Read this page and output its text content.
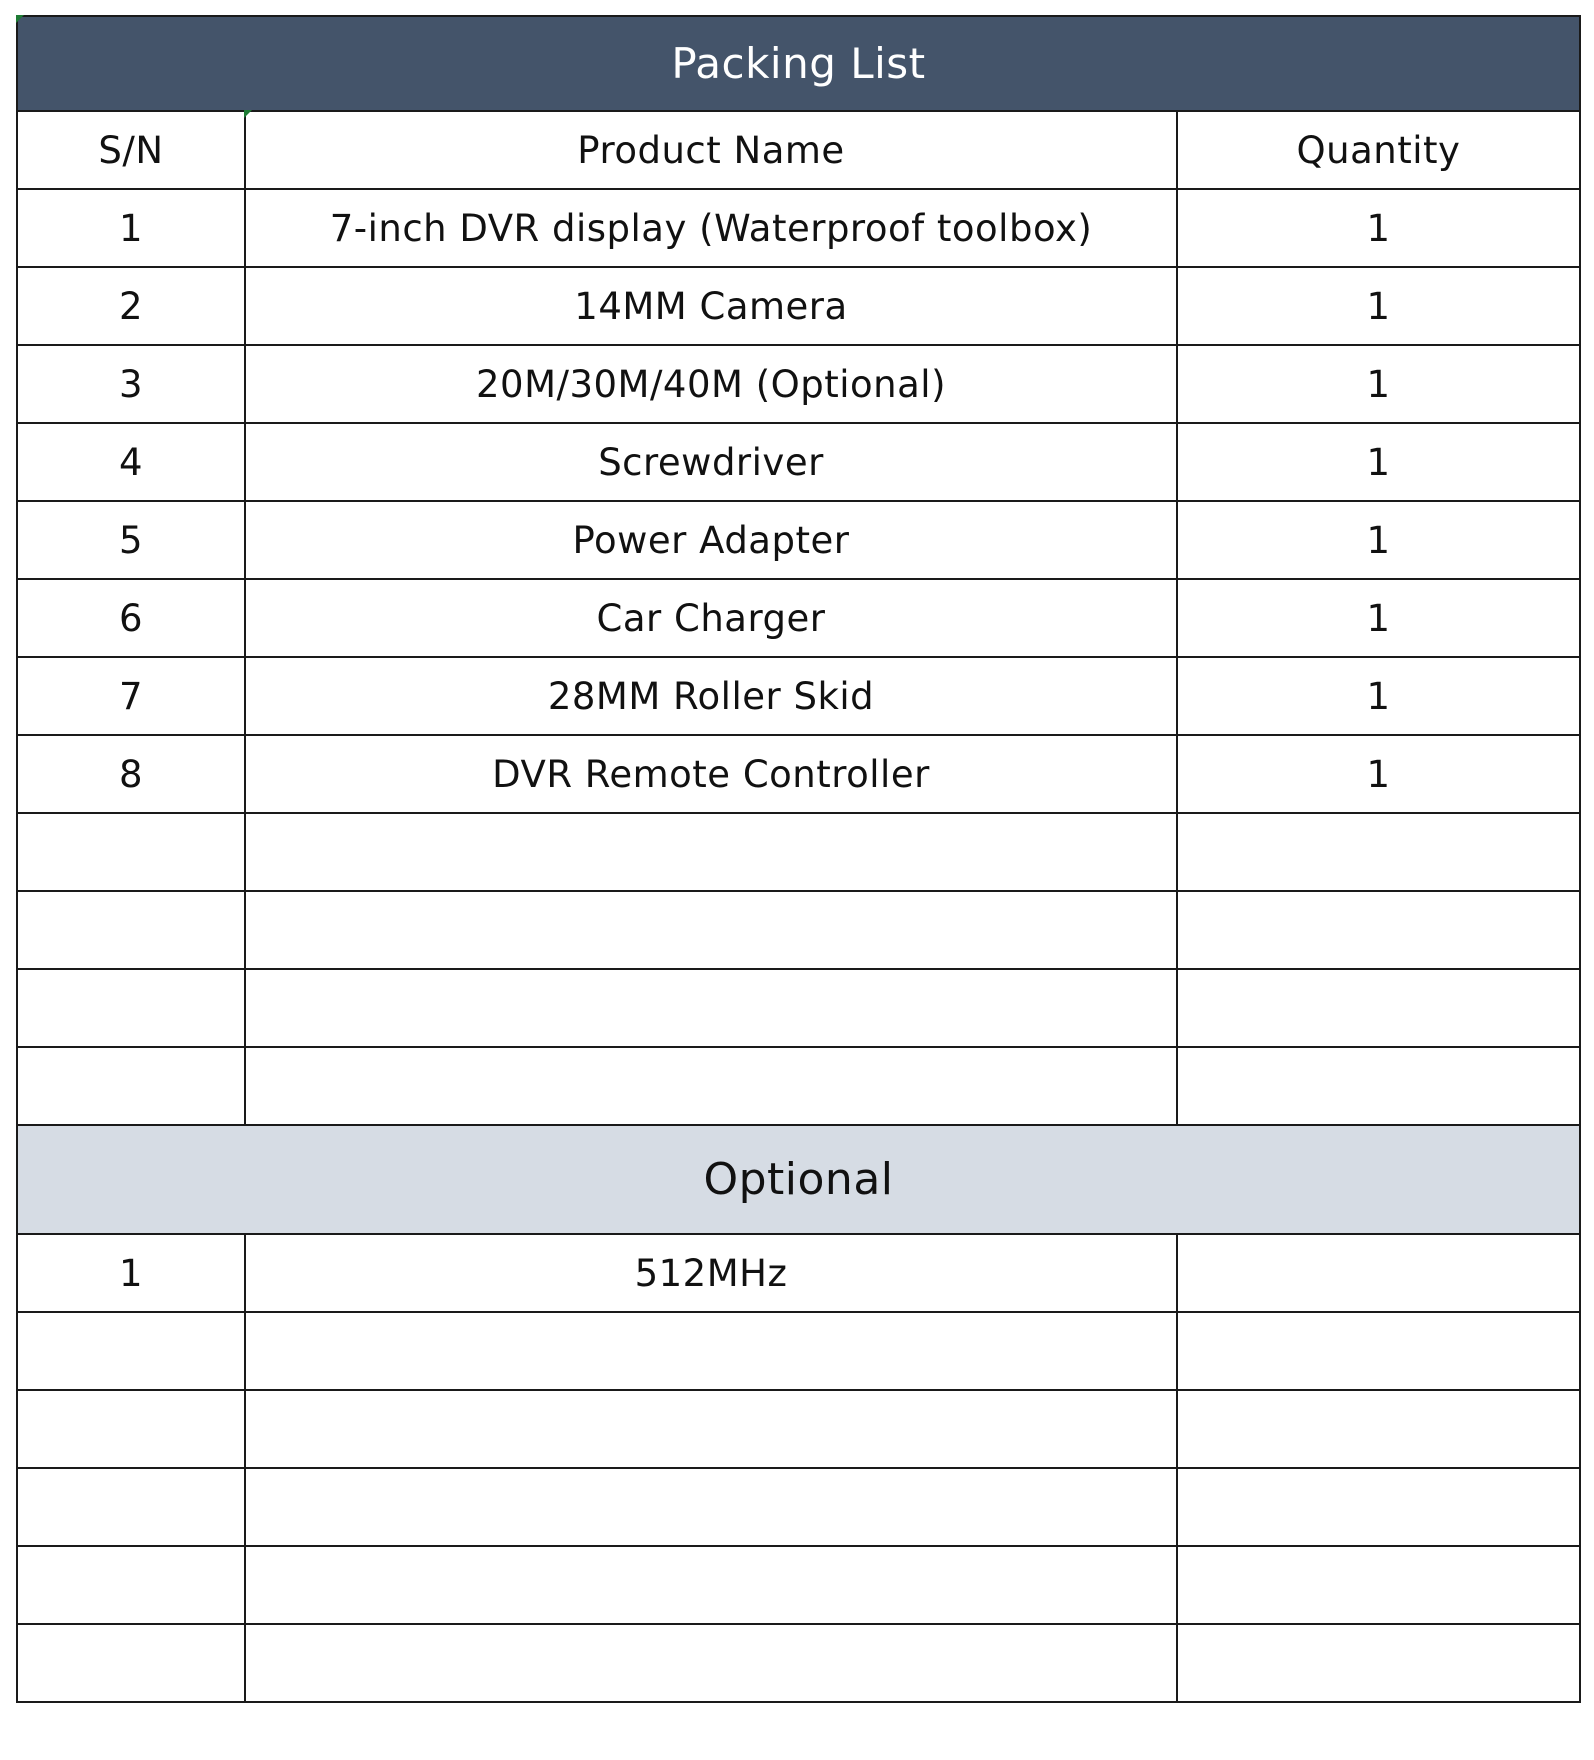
Packing List		
S/N	Product Name	Quantity
1	7-inch DVR display (Waterproof toolbox)	1
2	14MM Camera	1
3	20M/30M/40M (Optional)	1
4	Screwdriver	1
5	Power Adapter	1
6	Car Charger	1
7	28MM Roller Skid	1
8	DVR Remote Controller	1

Optional		
1	512MHz	
